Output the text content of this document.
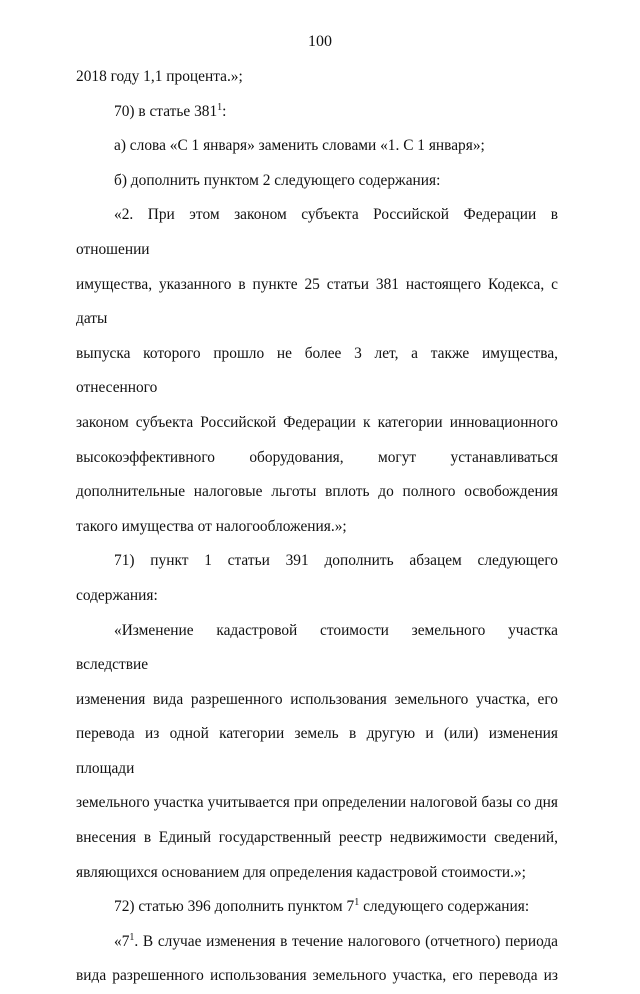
100

2018 году 1,1 процента.»;

70) в статье $381^1$:

а) слова «С 1 января» заменить словами «1. С 1 января»;

б) дополнить пунктом 2 следующего содержания:

«2. При этом законом субъекта Российской Федерации в отношении
имущества, указанного в пункте 25 статьи 381 настоящего Кодекса, с даты
выпуска которого прошло не более 3 лет, а также имущества, отнесенного
законом субъекта Российской Федерации к категории инновационного
высокоэффективного оборудования, могут устанавливаться
дополнительные налоговые льготы вплоть до полного освобождения
такого имущества от налогообложения.»;

71) пункт 1 статьи 391 дополнить абзацем следующего содержания:

«Изменение кадастровой стоимости земельного участка вследствие
изменения вида разрешенного использования земельного участка, его
перевода из одной категории земель в другую и (или) изменения площади
земельного участка учитывается при определении налоговой базы со дня
внесения в Единый государственный реестр недвижимости сведений,
являющихся основанием для определения кадастровой стоимости.»;

72) статью 396 дополнить пунктом $7^1$ следующего содержания:

«$7^1$. В случае изменения в течение налогового (отчетного) периода
вида разрешенного использования земельного участка, его перевода из
